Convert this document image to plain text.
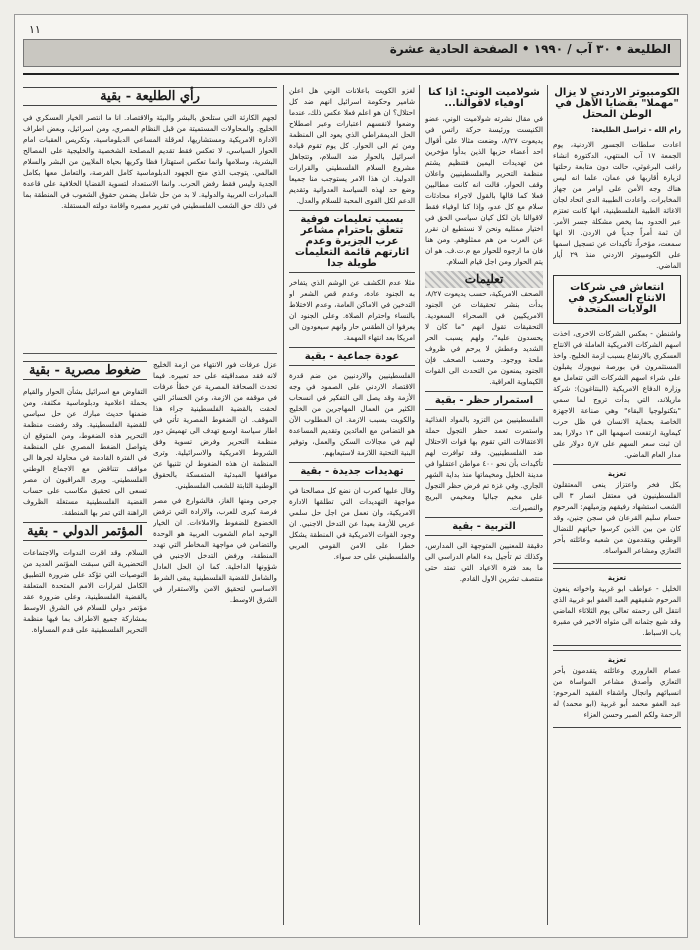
الطليعة • ٣٠ آب / ١٩٩٠ • الصفحة الحادية عشرة
١١
الكومبيوتر الاردني لا يزال "مهملا" بقضايا الأهل في الوطن المحتل

رام الله - تراسل الطليعة:

اعادت سلطات الجسور الاردنية، يوم الجمعة ١٧ آب المنتهي، الدكتورة انشاء راغب البرغوثي، حالت دون متابعة رحلتها لزيارة أقاربها في عمان، علما انه ليس هناك وجه الأمن على اوامر من جهاز المخابرات. واعادت الطبيبة الدى اتحاد لجان الاغاثة الطبية الفلسطينية، انها كانت تعتزم عبر الحدود بما يخص مشكلة جسر الأمر. ان ثمة أمراً جدياً في الاردن. الا انها سمعت، مؤخراً، تأكيدات عن تسجيل اسمها على الكومبيوتر الاردني منذ ٢٩ أيار الماضي.

انتعاش في شركات الانتاج العسكري في الولايات المتحدة

واشنطن - بعكس الشركات الاخرى، اخذت اسهم الشركات الامريكية العاملة في الانتاج العسكري بالارتفاع بسبب ازمة الخليج. واخذ المستثمرون في بورصة نيويورك يقبلون على شراء اسهم الشركات التي تتعامل مع وزارة الدفاع الامريكية (البنتاغون): شركة ماريلاند، التي بدأت تروج لما سمي "بتكنولوجيا البقاء" وهي صناعة الاجهزة الخاصة بحماية الانسان في ظل حرب كيماوية ارتفعت اسهمها الى ١٣ دولارا بعد ان ثبت سعر السهم على ٧ر٥ دولار على مدار العام الماضي.

تعزية

بكل فخر واعتزاز ينعى المعتقلون الفلسطينيون في معتقل انصار ٣ الى الشعب استشهاد رفيقهم وزميلهم: المرحوم حسام سليم القرعان في سجن جنين، وقد كان من بين الذين كرسوا حياتهم للنضال الوطني ويتقدمون من شعبه وعائلته بأحر التعازي ومشاعر المواساة.

تعزية

الخليل - عواطف ابو غربية واخواته ينعون المرحوم شقيقهم العبد العفو ابو غربية الذي انتقل الى رحمته تعالى يوم الثلاثاء الماضي وقد شيع جثمانه الى مثواه الاخير في مقبرة باب الاسباط.

تعزية

عصام العاروري وعائلته يتقدمون بأحر التعازي وأصدق مشاعر المواساة من انسبائهم وانجال واشقاء الفقيد المرحوم: عبد العفو محمد أبو غربية (ابو محمد) له الرحمة ولكم الصبر وحسن العزاء

شولاميت الوني: اذا كنا اوفياء لاقوالنا...

في مقال نشرته شولاميت الوني، عضو الكنيست ورئيسة حركة راتس في يديعوت ٨/٢٧، وضعت مثالا على أقوال احد أعضاء حزبها الذين بدأوا مؤخرين من تهديدات اليمين فتنظيم يشتم منظمة التحرير والفلسطينيين واعلان وقف الحوار، قالت انه كانت مطالبين فعلا كما قالها بالقول لاجراء محادثات سلام مع كل عدو، وإذا كنا اوفياء فقط لاقوالنا بان لكل كيان سياسي الحق في اختيار ممثليه ونحن لا نستطيع ان نقرر عن العرب من هم ممثلوهم. ومن هنا فان ما ارجوه للحوار مع م.ت.ف. هو ان يتم الحوار ومن اجل قيام السلام.

تعليمات

الصحف الامريكية، حسب يديعوت ٨/٢٧، بدأت بنشر تحقيقات عن الجنود الامريكيين في الصحراء السعودية. التحقيقات تقول انهم "ما كان لا يحسدون عليه"، ولهم يسبب الحر الشديد وعطش لا يرحم في ظروف ملحة ووجود. وحسب الصحف فإن الجنود يمنعون من التحدث الى القوات الكيماوية العراقية.

استمرار حظر - بقية

الفلسطينيين من التزود بالمواد الغذائية واستمرت تعمد حظر التجول حملة الاعتقالات التي تقوم بها قوات الاحتلال ضد الفلسطينيين. وقد توافرت لهم تأكيدات بأن نحو ٤٠٠ مواطن اعتقلوا في مدينة الخليل ومخيماتها منذ بداية الشهر الجاري. وفي غزة تم فرض حظر التجول على مخيم جباليا ومخيمي البريج والنصيرات.

التربية - بقية

دقيقة للمعنيين المتوجهة الى المدارس، وكذلك تم تأجيل بدء العام الدراسي الى ما بعد فترة الاعياد التي تمتد حتى منتصف تشرين الاول القادم.

لغزو الكويت باعلانات الوني هل اعلن شامير وحكومة اسرائيل انهم ضد كل احتلال؟ ان هو اعلم فعلا عكس ذلك، عندما وضعوا لانفسهم اعتبارات وعبر اصطلاح الحل الديمقراطي الذي يعود الى المنظمة ومن ثم الى الحوار. كل يوم تقوم قيادة اسرائيل بالحوار ضد السلام، وتتجاهل مشروع السلام الفلسطيني والقرارات الدولية. ان هذا الامر يستوجب منا جميعا وضع حد لهذه السياسة العدوانية وتقديم الدعم لكل القوى المحبة للسلام والعدل.

بسبب تعليمات فوقية تتعلق باحترام مشاعر عرب الجزيرة وعدم اثارتهم قائمة التعليمات طويلة جدا

مثلا عدم الكشف عن الوشم الذي يتفاخر به الجنود عادة، وعدم قص الشعر او التدخين في الاماكن العامة، وعدم الاختلاط بالنساء واحترام الصلاة. وعلى الجنود ان يعرفوا ان الطقس حار وانهم سيعودون الى امريكا بعد انتهاء المهمة.

عودة جماعية - بقية

الفلسطينيين والاردنيين من ضم قدرة الاقتصاد الاردني على الصمود في وجه الأزمة وقد يصل الى التفكير في انسحاب الكثير من العمال المهاجرين من الخليج والكويت بسبب الازمة. ان المطلوب الآن هو التضامن مع العائدين وتقديم المساعدة لهم في مجالات السكن والعمل، وتوفير البنية التحتية اللازمة لاستيعابهم.

تهديدات جديدة - بقية

وقال عليها كعرب ان نضع كل مصالحنا في مواجهة التهديدات التي تطلقها الادارة الامريكية، وان نعمل من اجل حل سلمي عربي للأزمة بعيدا عن التدخل الاجنبي. ان وجود القوات الامريكية في المنطقة يشكل خطرا على الامن القومي العربي والفلسطيني على حد سواء.

رأي الطليعة - بقية

لجهم الكارثة التي ستلحق بالبشر والبيئة والاقتصاد. انا ما انتصر الخيار العسكري في الخليج. والمحاولات المستميتة من قبل النظام المصري، ومن اسرائيل، وبعض اطراف الادارة الامريكية ومستشاريها، لعرقلة المساعي الدبلوماسية، وتكريس العقبات امام الحوار السياسي، لا تعكس فقط تقديم المصلحة الشخصية والخليجية على المصالح البشرية، وسلامها وانما تعكس استهتارا فظا وكريها بحياة الملايين من البشر والسلام العالمي. يتوجب الذي منح الجهود الدبلوماسية كامل الفرصة، والتعامل معها بكامل الجدية وليس فقط رفض الحرب. وانما الاستعداد لتسوية القضايا الخلافية على قاعدة المبادرات العربية والدولية. لا بد من حل شامل يضمن حقوق الشعوب في المنطقة بما في ذلك حق الشعب الفلسطيني في تقرير مصيره واقامة دولته المستقلة.

عزل عرفات فور الانتهاء من ازمة الخليج لانه فقد مصداقيته على حد تعبيره. فيما تحدث الصحافة المصرية عن خطأ عرفات في موقفه من الازمة، وعن الخسائر التي لحقت بالقضية الفلسطينية جراء هذا الموقف. ان الضغوط المصرية تأتي في اطار سياسة اوسع تهدف الى تهميش دور منظمة التحرير وفرض تسوية وفق الشروط الامريكية والاسرائيلية. وترى المنظمة ان هذه الضغوط لن تثنيها عن مواقفها المبدئية المتمسكة بالحقوق الوطنية الثابتة للشعب الفلسطيني.

جرحى ومنها الغاز، فالشوارع في مصر فرصة كبرى للعرب، والارادة التي ترفض الخضوع للضغوط والاملاءات. ان الخيار الوحيد امام الشعوب العربية هو الوحدة والتضامن في مواجهة المخاطر التي تهدد المنطقة، ورفض التدخل الاجنبي في شؤونها الداخلية. كما ان الحل العادل والشامل للقضية الفلسطينية يبقى الشرط الاساسي لتحقيق الامن والاستقرار في الشرق الاوسط.

ضغوط مصرية - بقية

التفاوض مع اسرائيل بشأن الحوار والقيام بحملة اعلامية ودبلوماسية مكثفة، ومن ضمنها حديث مبارك عن حل سياسي للقضية الفلسطينية. وقد رفضت منظمة التحرير هذه الضغوط، ومن المتوقع ان يتواصل الضغط المصري على المنظمة في الفترة القادمة في محاولة لجرها الى مواقف تتناقض مع الاجماع الوطني الفلسطيني. ويرى المراقبون ان مصر تسعى الى تحقيق مكاسب على حساب القضية الفلسطينية مستغلة الظروف الراهنة التي تمر بها المنطقة.

المؤتمر الدولي - بقية

السلام. وقد اقرت الندوات والاجتماعات التحضيرية التي سبقت المؤتمر العديد من التوصيات التي تؤكد على ضرورة التطبيق الكامل لقرارات الامم المتحدة المتعلقة بالقضية الفلسطينية، وعلى ضرورة عقد مؤتمر دولي للسلام في الشرق الاوسط بمشاركة جميع الاطراف بما فيها منظمة التحرير الفلسطينية على قدم المساواة.
